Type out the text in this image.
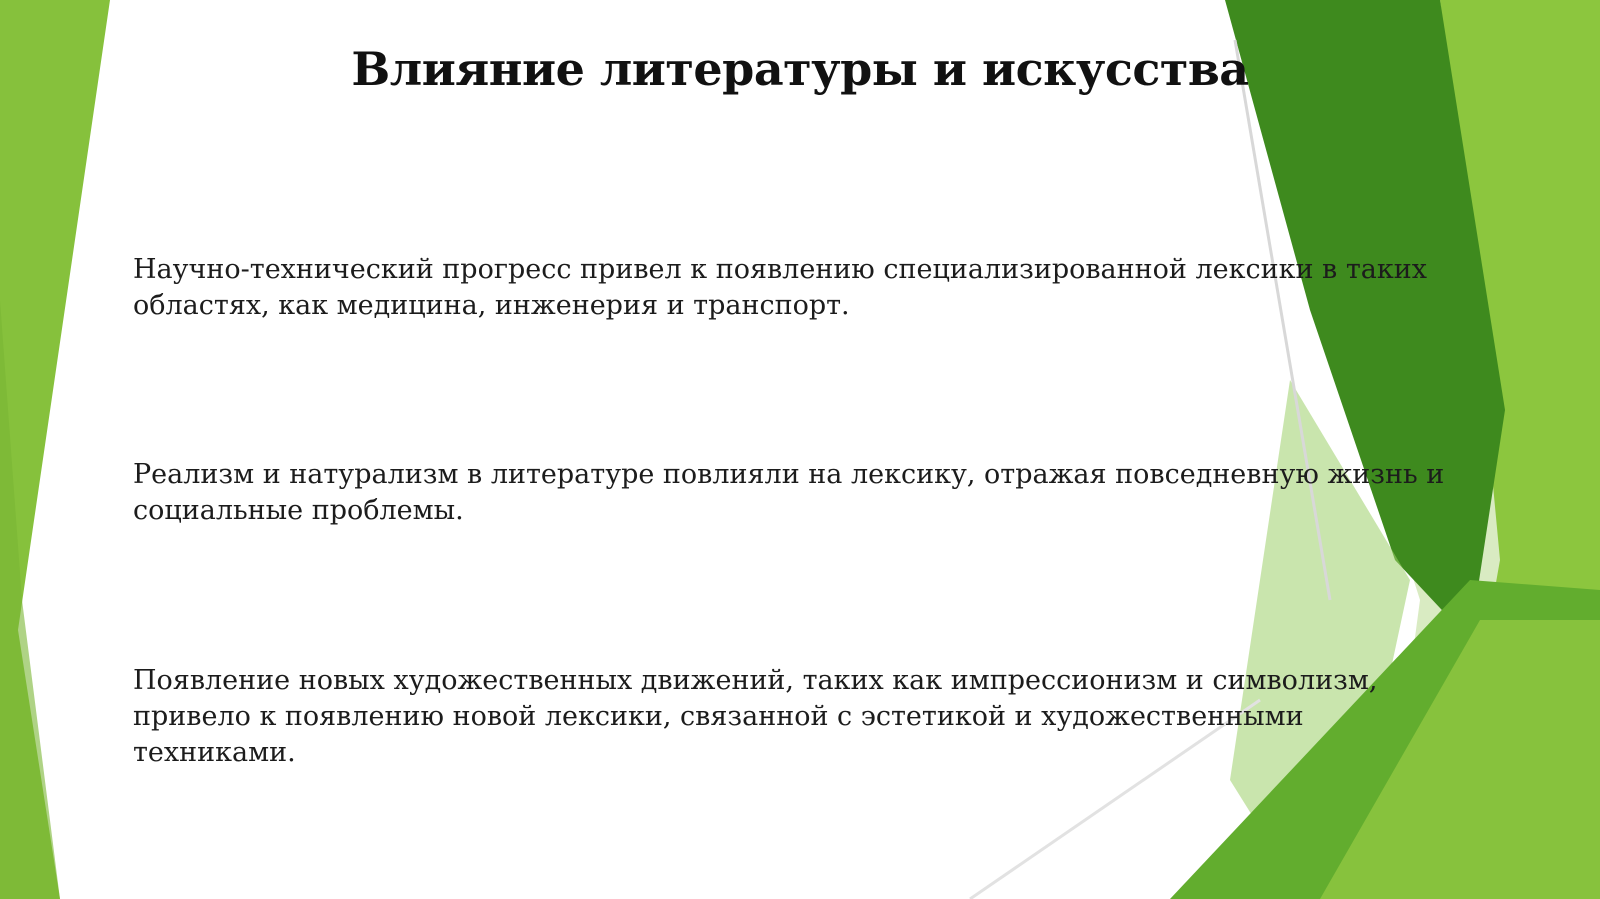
Влияние литературы и искусства

Научно-технический прогресс привел к появлению специализированной лексики в таких областях, как медицина, инженерия и транспорт.

Реализм и натурализм в литературе повлияли на лексику, отражая повседневную жизнь и социальные проблемы.

Появление новых художественных движений, таких как импрессионизм и символизм, привело к появлению новой лексики, связанной с эстетикой и художественными техниками.
